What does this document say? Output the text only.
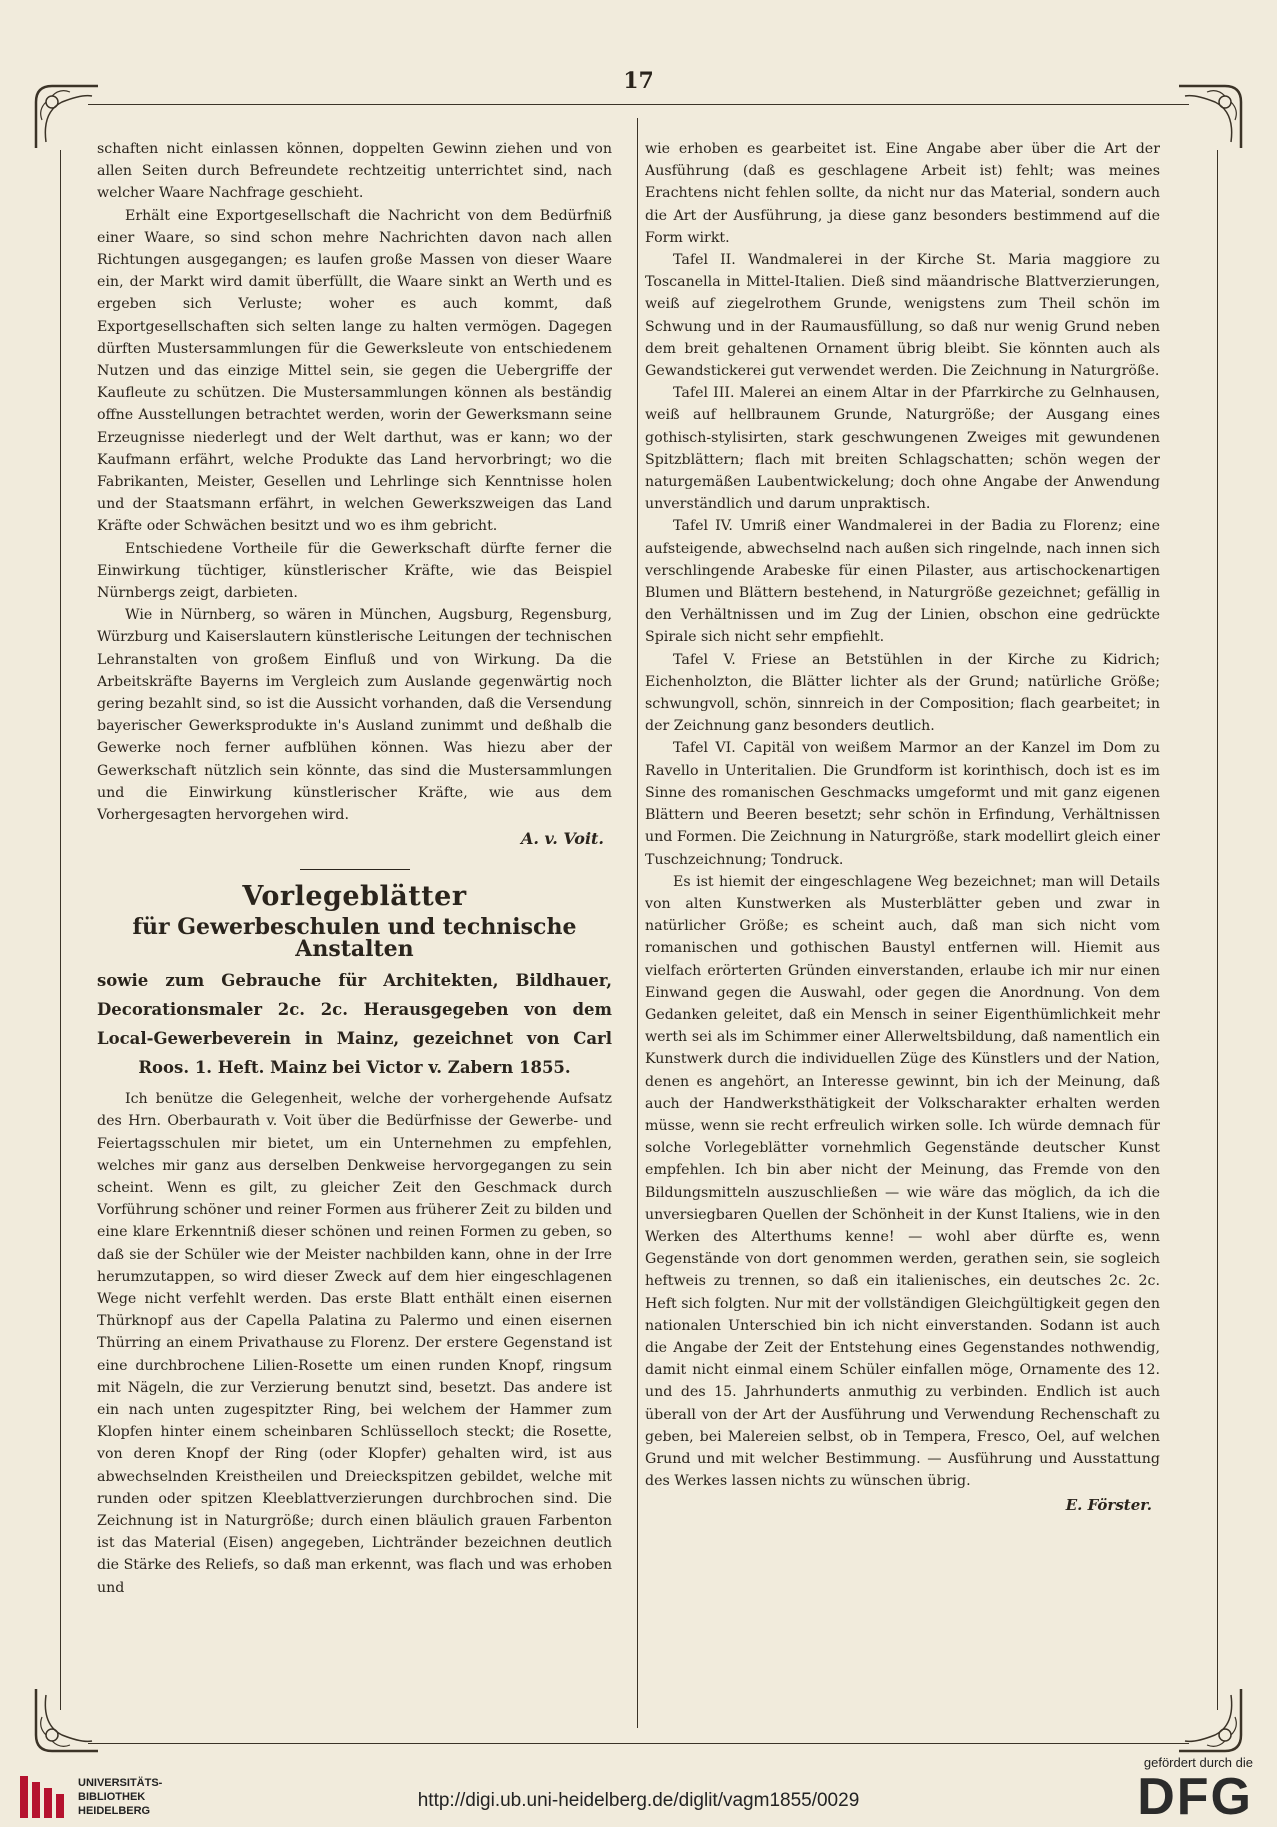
17

schaften nicht einlassen können, doppelten Gewinn ziehen und von allen Seiten durch Befreundete rechtzeitig unterrichtet sind, nach welcher Waare Nachfrage geschieht.

Erhält eine Exportgesellschaft die Nachricht von dem Bedürfniß einer Waare, so sind schon mehre Nachrichten davon nach allen Richtungen ausgegangen; es laufen große Massen von dieser Waare ein, der Markt wird damit überfüllt, die Waare sinkt an Werth und es ergeben sich Verluste; woher es auch kommt, daß Exportgesellschaften sich selten lange zu halten vermögen. Dagegen dürften Mustersammlungen für die Gewerksleute von entschiedenem Nutzen und das einzige Mittel sein, sie gegen die Uebergriffe der Kaufleute zu schützen. Die Mustersammlungen können als beständig offne Ausstellungen betrachtet werden, worin der Gewerksmann seine Erzeugnisse niederlegt und der Welt darthut, was er kann; wo der Kaufmann erfährt, welche Produkte das Land hervorbringt; wo die Fabrikanten, Meister, Gesellen und Lehrlinge sich Kenntnisse holen und der Staatsmann erfährt, in welchen Gewerkszweigen das Land Kräfte oder Schwächen besitzt und wo es ihm gebricht.

Entschiedene Vortheile für die Gewerkschaft dürfte ferner die Einwirkung tüchtiger, künstlerischer Kräfte, wie das Beispiel Nürnbergs zeigt, darbieten.

Wie in Nürnberg, so wären in München, Augsburg, Regensburg, Würzburg und Kaiserslautern künstlerische Leitungen der technischen Lehranstalten von großem Einfluß und von Wirkung. Da die Arbeitskräfte Bayerns im Vergleich zum Auslande gegenwärtig noch gering bezahlt sind, so ist die Aussicht vorhanden, daß die Versendung bayerischer Gewerksprodukte in's Ausland zunimmt und deßhalb die Gewerke noch ferner aufblühen können. Was hiezu aber der Gewerkschaft nützlich sein könnte, das sind die Mustersammlungen und die Einwirkung künstlerischer Kräfte, wie aus dem Vorhergesagten hervorgehen wird.

A. v. Voit.
Vorlegeblätter
für Gewerbeschulen und technische Anstalten
sowie zum Gebrauche für Architekten, Bildhauer, Decorationsmaler 2c. 2c. Herausgegeben von dem Local-Gewerbeverein in Mainz, gezeichnet von Carl Roos. 1. Heft. Mainz bei Victor v. Zabern 1855.

Ich benütze die Gelegenheit, welche der vorhergehende Aufsatz des Hrn. Oberbaurath v. Voit über die Bedürfnisse der Gewerbe- und Feiertagsschulen mir bietet, um ein Unternehmen zu empfehlen, welches mir ganz aus derselben Denkweise hervorgegangen zu sein scheint. Wenn es gilt, zu gleicher Zeit den Geschmack durch Vorführung schöner und reiner Formen aus früherer Zeit zu bilden und eine klare Erkenntniß dieser schönen und reinen Formen zu geben, so daß sie der Schüler wie der Meister nachbilden kann, ohne in der Irre herumzutappen, so wird dieser Zweck auf dem hier eingeschlagenen Wege nicht verfehlt werden. Das erste Blatt enthält einen eisernen Thürknopf aus der Capella Palatina zu Palermo und einen eisernen Thürring an einem Privathause zu Florenz. Der erstere Gegenstand ist eine durchbrochene Lilien-Rosette um einen runden Knopf, ringsum mit Nägeln, die zur Verzierung benutzt sind, besetzt. Das andere ist ein nach unten zugespitzter Ring, bei welchem der Hammer zum Klopfen hinter einem scheinbaren Schlüsselloch steckt; die Rosette, von deren Knopf der Ring (oder Klopfer) gehalten wird, ist aus abwechselnden Kreistheilen und Dreieckspitzen gebildet, welche mit runden oder spitzen Kleeblattverzierungen durchbrochen sind. Die Zeichnung ist in Naturgröße; durch einen bläulich grauen Farbenton ist das Material (Eisen) angegeben, Lichtränder bezeichnen deutlich die Stärke des Reliefs, so daß man erkennt, was flach und was erhoben und

wie erhoben es gearbeitet ist. Eine Angabe aber über die Art der Ausführung (daß es geschlagene Arbeit ist) fehlt; was meines Erachtens nicht fehlen sollte, da nicht nur das Material, sondern auch die Art der Ausführung, ja diese ganz besonders bestimmend auf die Form wirkt.

Tafel II. Wandmalerei in der Kirche St. Maria maggiore zu Toscanella in Mittel-Italien. Dieß sind mäandrische Blattverzierungen, weiß auf ziegelrothem Grunde, wenigstens zum Theil schön im Schwung und in der Raumausfüllung, so daß nur wenig Grund neben dem breit gehaltenen Ornament übrig bleibt. Sie könnten auch als Gewandstickerei gut verwendet werden. Die Zeichnung in Naturgröße.

Tafel III. Malerei an einem Altar in der Pfarrkirche zu Gelnhausen, weiß auf hellbraunem Grunde, Naturgröße; der Ausgang eines gothisch-stylisirten, stark geschwungenen Zweiges mit gewundenen Spitzblättern; flach mit breiten Schlagschatten; schön wegen der naturgemäßen Laubentwickelung; doch ohne Angabe der Anwendung unverständlich und darum unpraktisch.

Tafel IV. Umriß einer Wandmalerei in der Badia zu Florenz; eine aufsteigende, abwechselnd nach außen sich ringelnde, nach innen sich verschlingende Arabeske für einen Pilaster, aus artischockenartigen Blumen und Blättern bestehend, in Naturgröße gezeichnet; gefällig in den Verhältnissen und im Zug der Linien, obschon eine gedrückte Spirale sich nicht sehr empfiehlt.

Tafel V. Friese an Betstühlen in der Kirche zu Kidrich; Eichenholzton, die Blätter lichter als der Grund; natürliche Größe; schwungvoll, schön, sinnreich in der Composition; flach gearbeitet; in der Zeichnung ganz besonders deutlich.

Tafel VI. Capitäl von weißem Marmor an der Kanzel im Dom zu Ravello in Unteritalien. Die Grundform ist korinthisch, doch ist es im Sinne des romanischen Geschmacks umgeformt und mit ganz eigenen Blättern und Beeren besetzt; sehr schön in Erfindung, Verhältnissen und Formen. Die Zeichnung in Naturgröße, stark modellirt gleich einer Tuschzeichnung; Tondruck.

Es ist hiemit der eingeschlagene Weg bezeichnet; man will Details von alten Kunstwerken als Musterblätter geben und zwar in natürlicher Größe; es scheint auch, daß man sich nicht vom romanischen und gothischen Baustyl entfernen will. Hiemit aus vielfach erörterten Gründen einverstanden, erlaube ich mir nur einen Einwand gegen die Auswahl, oder gegen die Anordnung. Von dem Gedanken geleitet, daß ein Mensch in seiner Eigenthümlichkeit mehr werth sei als im Schimmer einer Allerweltsbildung, daß namentlich ein Kunstwerk durch die individuellen Züge des Künstlers und der Nation, denen es angehört, an Interesse gewinnt, bin ich der Meinung, daß auch der Handwerksthätigkeit der Volkscharakter erhalten werden müsse, wenn sie recht erfreulich wirken solle. Ich würde demnach für solche Vorlegeblätter vornehmlich Gegenstände deutscher Kunst empfehlen. Ich bin aber nicht der Meinung, das Fremde von den Bildungsmitteln auszuschließen — wie wäre das möglich, da ich die unversiegbaren Quellen der Schönheit in der Kunst Italiens, wie in den Werken des Alterthums kenne! — wohl aber dürfte es, wenn Gegenstände von dort genommen werden, gerathen sein, sie sogleich heftweis zu trennen, so daß ein italienisches, ein deutsches 2c. 2c. Heft sich folgten. Nur mit der vollständigen Gleichgültigkeit gegen den nationalen Unterschied bin ich nicht einverstanden. Sodann ist auch die Angabe der Zeit der Entstehung eines Gegenstandes nothwendig, damit nicht einmal einem Schüler einfallen möge, Ornamente des 12. und des 15. Jahrhunderts anmuthig zu verbinden. Endlich ist auch überall von der Art der Ausführung und Verwendung Rechenschaft zu geben, bei Malereien selbst, ob in Tempera, Fresco, Oel, auf welchen Grund und mit welcher Bestimmung. — Ausführung und Ausstattung des Werkes lassen nichts zu wünschen übrig.

E. Förster.
UNIVERSITÄTS-
BIBLIOTHEK
HEIDELBERG	http://digi.ub.uni-heidelberg.de/diglit/vagm1855/0029
gefördert durch die
DFG
